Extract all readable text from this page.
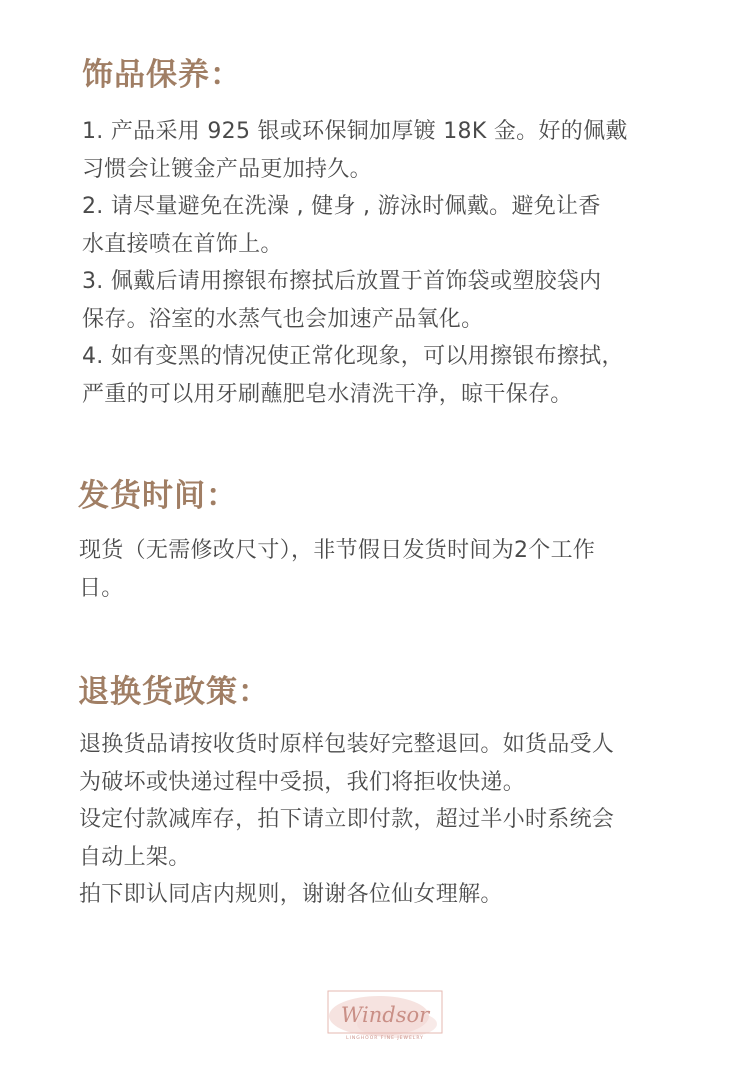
饰品保养：

1. 产品采用 925 银或环保铜加厚镀 18K 金。好的佩戴

习惯会让镀金产品更加持久。

2. 请尽量避免在洗澡 , 健身 , 游泳时佩戴。避免让香

水直接喷在首饰上。

3. 佩戴后请用擦银布擦拭后放置于首饰袋或塑胶袋内

保存。浴室的水蒸气也会加速产品氧化。

4. 如有变黑的情况使正常化现象，可以用擦银布擦拭，

严重的可以用牙刷蘸肥皂水清洗干净，晾干保存。

发货时间：

现货（无需修改尺寸），非节假日发货时间为2个工作

日。

退换货政策：

退换货品请按收货时原样包装好完整退回。如货品受人

为破坏或快递过程中受损，我们将拒收快递。

设定付款减库存，拍下请立即付款，超过半小时系统会

自动上架。

拍下即认同店内规则，谢谢各位仙女理解。

Windsor
LINGHOOR FINE JEWELRY
